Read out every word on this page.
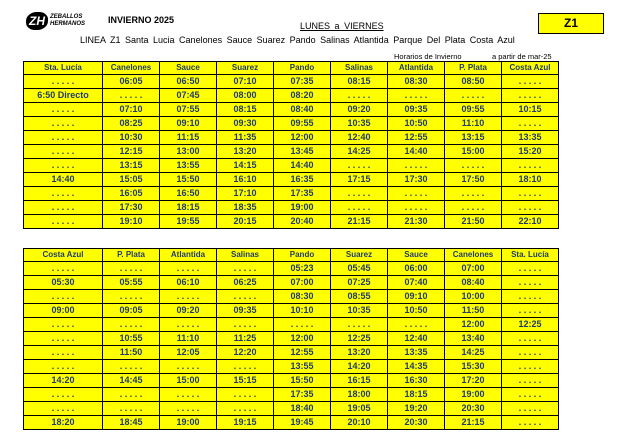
ZH ZEBALLOS
HERMANOS	INVIERNO 2025
LUNES a VIERNES	Z1
LINEA Z1 Santa Lucia Canelones Sauce Suarez Pando Salinas Atlantida Parque Del Plata Costa Azul
Horarios de Invierno	a partir de mar-25
Sta. Lucía	Canelones	Sauce	Suarez	Pando	Salinas	Atlantida	P. Plata	Costa Azul
. . . . .	06:05	06:50	07:10	07:35	08:15	08:30	08:50	. . . . .
6:50 Directo	. . . . .	07:45	08:00	08:20	. . . . .	. . . . .	. . . . .	. . . . .
. . . . .	07:10	07:55	08:15	08:40	09:20	09:35	09:55	10:15
. . . . .	08:25	09:10	09:30	09:55	10:35	10:50	11:10	. . . . .
. . . . .	10:30	11:15	11:35	12:00	12:40	12:55	13:15	13:35
. . . . .	12:15	13:00	13:20	13:45	14:25	14:40	15:00	15:20
. . . . .	13:15	13:55	14:15	14:40	. . . . .	. . . . .	. . . . .	. . . . .
14:40	15:05	15:50	16:10	16:35	17:15	17:30	17:50	18:10
. . . . .	16:05	16:50	17:10	17:35	. . . . .	. . . . .	. . . . .	. . . . .
. . . . .	17:30	18:15	18:35	19:00	. . . . .	. . . . .	. . . . .	. . . . .
. . . . .	19:10	19:55	20:15	20:40	21:15	21:30	21:50	22:10
Costa Azul	P. Plata	Atlantida	Salinas	Pando	Suarez	Sauce	Canelones	Sta. Lucía
. . . . .	. . . . .	. . . . .	. . . . .	05:23	05:45	06:00	07:00	. . . . .
05:30	05:55	06:10	06:25	07:00	07:25	07:40	08:40	. . . . .
. . . . .	. . . . .	. . . . .	. . . . .	08:30	08:55	09:10	10:00	. . . . .
09:00	09:05	09:20	09:35	10:10	10:35	10:50	11:50	. . . . .
. . . . .	. . . . .	. . . . .	. . . . .	. . . . .	. . . . .	. . . . .	12:00	12:25
. . . . .	10:55	11:10	11:25	12:00	12:25	12:40	13:40	. . . . .
. . . . .	11:50	12:05	12:20	12:55	13:20	13:35	14:25	. . . . .
. . . . .	. . . . .	. . . . .	. . . . .	13:55	14:20	14:35	15:30	. . . . .
14:20	14:45	15:00	15:15	15:50	16:15	16:30	17:20	. . . . .
. . . . .	. . . . .	. . . . .	. . . . .	17:35	18:00	18:15	19:00	. . . . .
. . . . .	. . . . .	. . . . .	. . . . .	18:40	19:05	19:20	20:30	. . . . .
18:20	18:45	19:00	19:15	19:45	20:10	20:30	21:15	. . . . .
